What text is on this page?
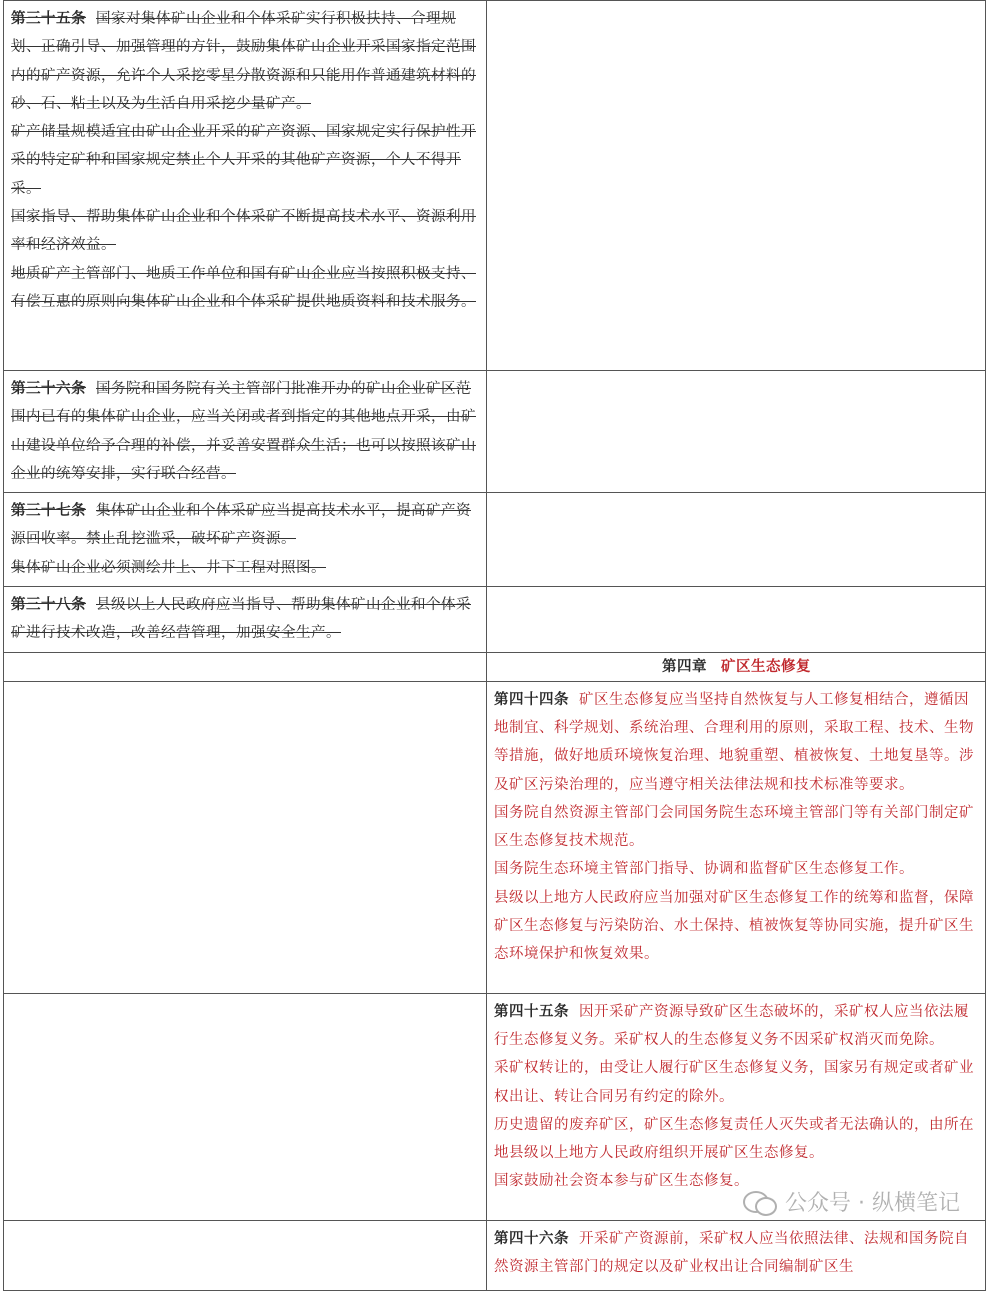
第三十五条 国家对集体矿山企业和个体采矿实行积极扶持、合理规划、正确引导、加强管理的方针，鼓励集体矿山企业开采国家指定范围内的矿产资源，允许个人采挖零星分散资源和只能用作普通建筑材料的砂、石、粘土以及为生活自用采挖少量矿产。

矿产储量规模适宜由矿山企业开采的矿产资源、国家规定实行保护性开采的特定矿种和国家规定禁止个人开采的其他矿产资源，个人不得开采。

国家指导、帮助集体矿山企业和个体采矿不断提高技术水平、资源利用率和经济效益。

地质矿产主管部门、地质工作单位和国有矿山企业应当按照积极支持、有偿互惠的原则向集体矿山企业和个体采矿提供地质资料和技术服务。	

第三十六条 国务院和国务院有关主管部门批准开办的矿山企业矿区范围内已有的集体矿山企业，应当关闭或者到指定的其他地点开采，由矿山建设单位给予合理的补偿，并妥善安置群众生活；也可以按照该矿山企业的统筹安排，实行联合经营。	

第三十七条 集体矿山企业和个体采矿应当提高技术水平，提高矿产资源回收率。禁止乱挖滥采，破坏矿产资源。

集体矿山企业必须测绘井上、井下工程对照图。	

第三十八条 县级以上人民政府应当指导、帮助集体矿山企业和个体采矿进行技术改造，改善经营管理，加强安全生产。	

	第四章 矿区生态修复

	第四十四条 矿区生态修复应当坚持自然恢复与人工修复相结合，遵循因地制宜、科学规划、系统治理、合理利用的原则，采取工程、技术、生物等措施，做好地质环境恢复治理、地貌重塑、植被恢复、土地复垦等。涉及矿区污染治理的，应当遵守相关法律法规和技术标准等要求。

国务院自然资源主管部门会同国务院生态环境主管部门等有关部门制定矿区生态修复技术规范。

国务院生态环境主管部门指导、协调和监督矿区生态修复工作。

县级以上地方人民政府应当加强对矿区生态修复工作的统筹和监督，保障矿区生态修复与污染防治、水土保持、植被恢复等协同实施，提升矿区生态环境保护和恢复效果。

	第四十五条 因开采矿产资源导致矿区生态破坏的，采矿权人应当依法履行生态修复义务。采矿权人的生态修复义务不因采矿权消灭而免除。

采矿权转让的，由受让人履行矿区生态修复义务，国家另有规定或者矿业权出让、转让合同另有约定的除外。

历史遗留的废弃矿区，矿区生态修复责任人灭失或者无法确认的，由所在地县级以上地方人民政府组织开展矿区生态修复。

国家鼓励社会资本参与矿区生态修复。

	第四十六条 开采矿产资源前，采矿权人应当依照法律、法规和国务院自然资源主管部门的规定以及矿业权出让合同编制矿区生

公众号 · 纵横笔记
